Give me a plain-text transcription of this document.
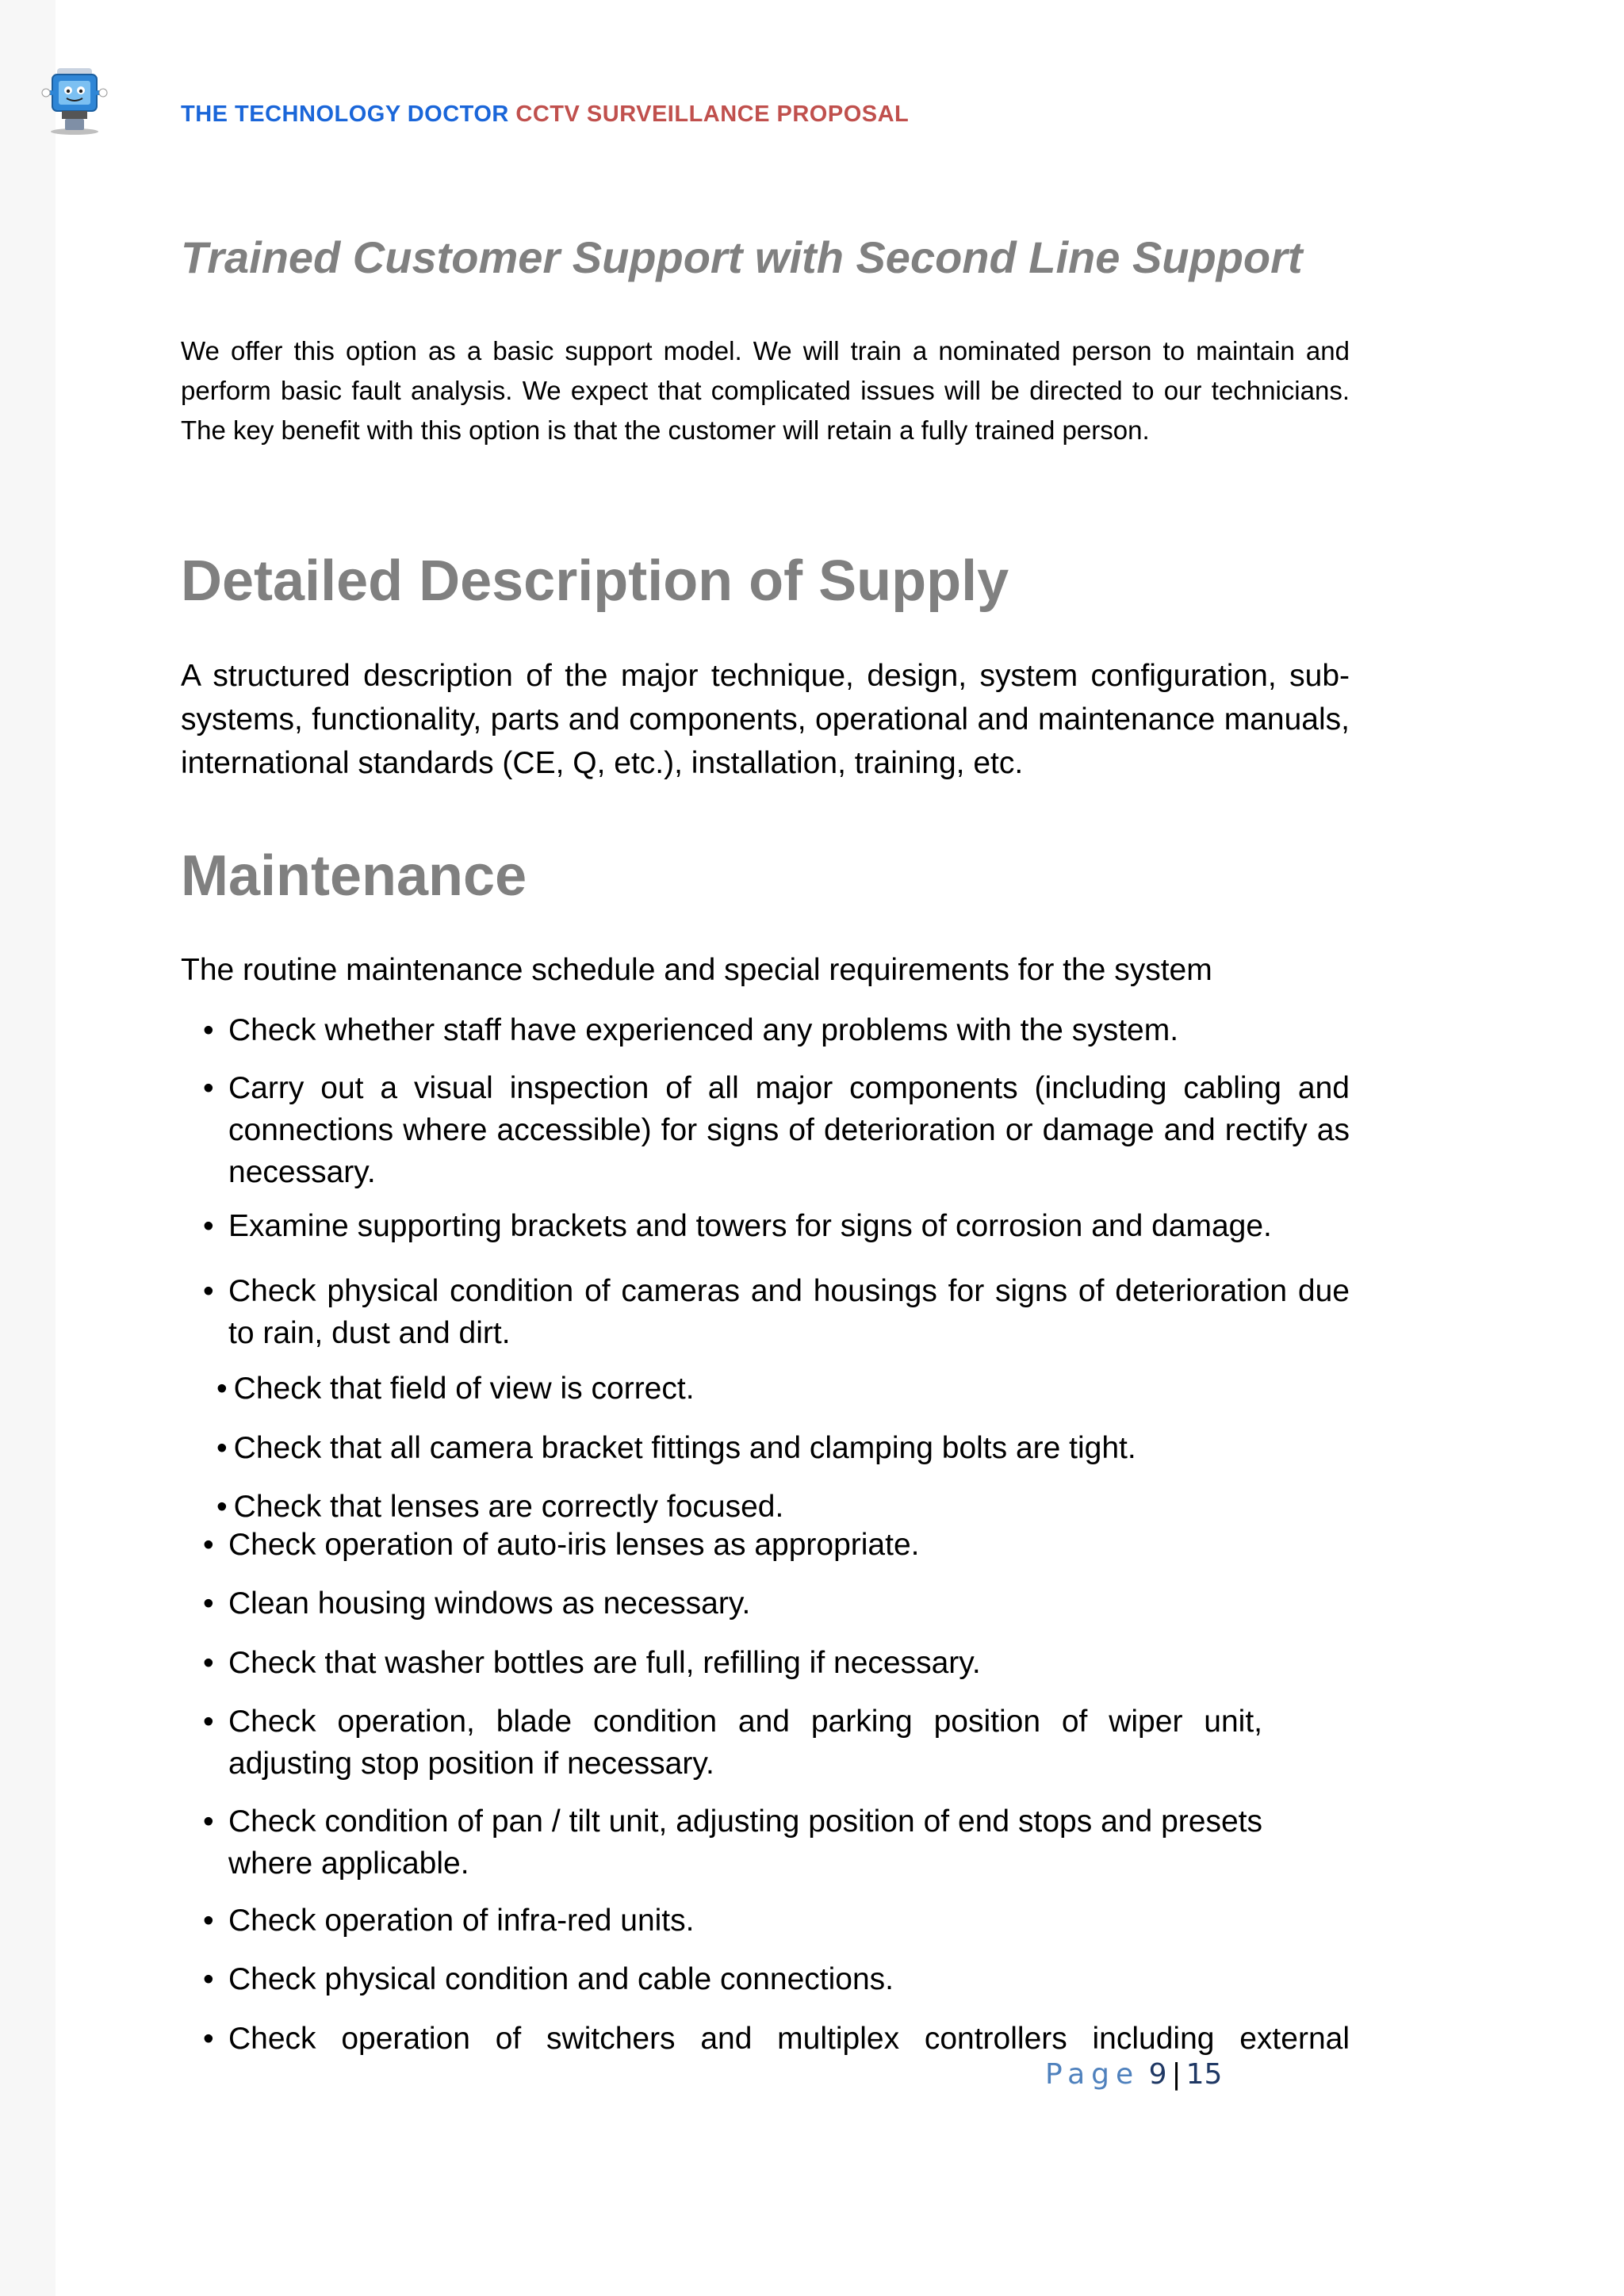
THE TECHNOLOGY DOCTOR CCTV SURVEILLANCE PROPOSAL
Trained Customer Support with Second Line Support

We offer this option as a basic support model. We will train a nominated person to maintain and perform basic fault analysis. We expect that complicated issues will be directed to our technicians. The key benefit with this option is that the customer will retain a fully trained person.

Detailed Description of Supply

A structured description of the major technique, design, system configuration, sub-systems, functionality, parts and components, operational and maintenance manuals, international standards (CE, Q, etc.), installation, training, etc.

Maintenance

The routine maintenance schedule and special requirements for the system

• Check whether staff have experienced any problems with the system.
• Carry out a visual inspection of all major components (including cabling and connections where accessible) for signs of deterioration or damage and rectify as necessary.
• Examine supporting brackets and towers for signs of corrosion and damage.
• Check physical condition of cameras and housings for signs of deterioration due to rain, dust and dirt.
• Check that field of view is correct.
• Check that all camera bracket fittings and clamping bolts are tight.
• Check that lenses are correctly focused.
• Check operation of auto-iris lenses as appropriate.
• Clean housing windows as necessary.
• Check that washer bottles are full, refilling if necessary.
• Check operation, blade condition and parking position of wiper unit, adjusting stop position if necessary.
• Check condition of pan / tilt unit, adjusting position of end stops and presets where applicable.
• Check operation of infra-red units.
• Check physical condition and cable connections.
• Check operation of switchers and multiplex controllers including external
Page 9 | 15
